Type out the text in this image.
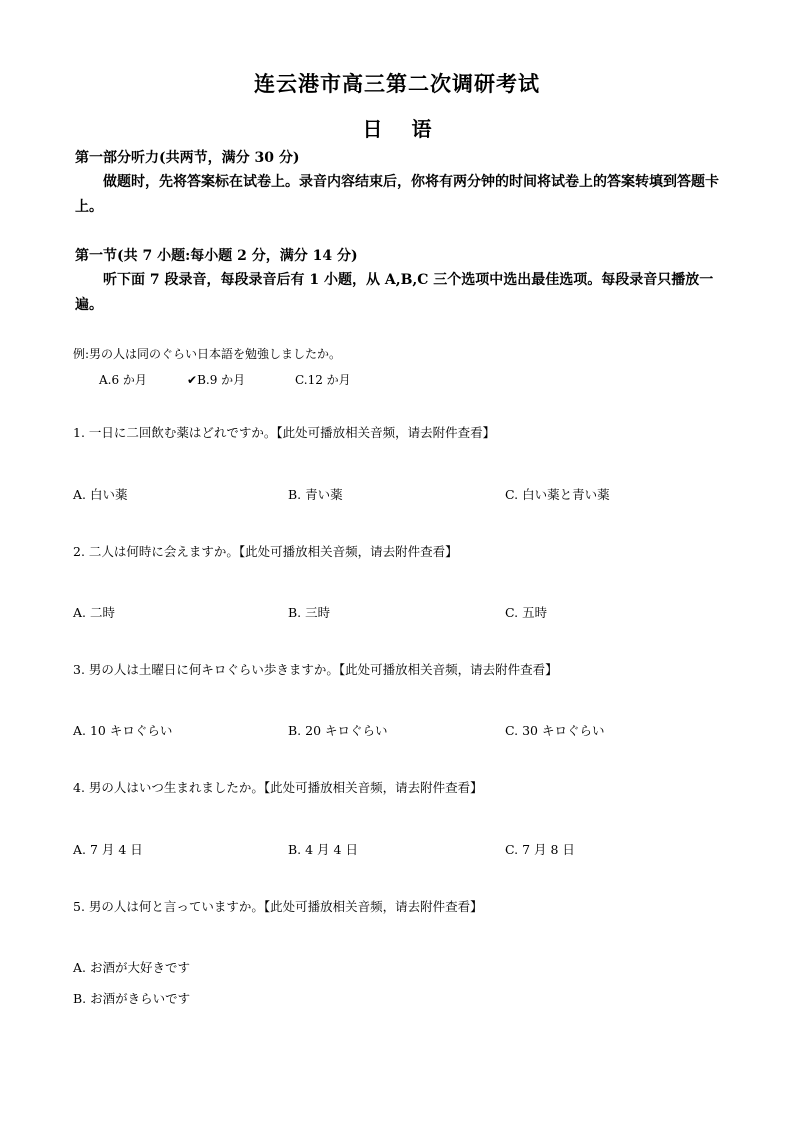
连云港市高三第二次调研考试
日 语
第一部分听力(共两节，满分 30 分)
做题时，先将答案标在试卷上。录音内容结束后，你将有两分钟的时间将试卷上的答案转填到答题卡上。
第一节(共 7 小题:每小题 2 分，满分 14 分)
听下面 7 段录音，每段录音后有 1 小题，从 A,B,C 三个选项中选出最佳选项。每段录音只播放一遍。
例:男の人は同のぐらい日本語を勉強しましたか。
A.6 か月	✔B.9 か月	C.12 か月
1. 一日に二回飲む薬はどれですか。【此处可播放相关音频，请去附件查看】
A. 白い薬	B. 青い薬	C. 白い薬と青い薬
2. 二人は何時に会えますか。【此处可播放相关音频，请去附件查看】
A. 二時	B. 三時	C. 五時
3. 男の人は土曜日に何キロぐらい歩きますか。【此处可播放相关音频，请去附件查看】
A. 10 キロぐらい	B. 20 キロぐらい	C. 30 キロぐらい
4. 男の人はいつ生まれましたか。【此处可播放相关音频，请去附件查看】
A. 7 月 4 日	B. 4 月 4 日	C. 7 月 8 日
5. 男の人は何と言っていますか。【此处可播放相关音频，请去附件查看】
A. お酒が大好きです
B. お酒がきらいです
